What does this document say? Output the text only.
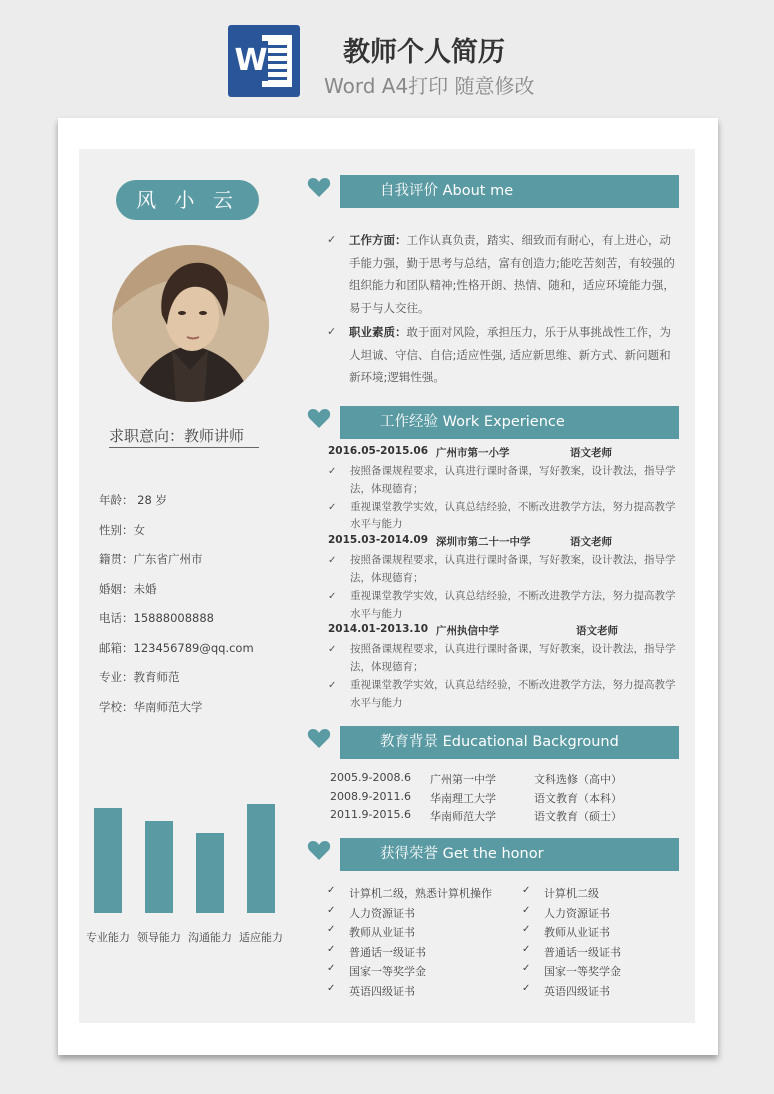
W	教师个人简历
Word A4打印 随意修改
风 小 云
求职意向：教师讲师
年龄： 28 岁
性别：女
籍贯：广东省广州市
婚姻：未婚
电话：15888008888
邮箱：123456789@qq.com
专业：教育师范
学校：华南师范大学
专业能力 领导能力 沟通能力 适应能力
自我评价 About me
✓ 工作方面：工作认真负责，踏实、细致而有耐心，有上进心，动手能力强，勤于思考与总结，富有创造力;能吃苦刻苦，有较强的组织能力和团队精神;性格开朗、热情、随和，适应环境能力强，易于与人交往。
✓ 职业素质：敢于面对风险，承担压力，乐于从事挑战性工作，为人坦诚、守信、自信;适应性强, 适应新思维、新方式、新问题和新环境;逻辑性强。
工作经验 Work Experience
2016.05-2015.06 广州市第一小学	语文老师
✓ 按照备课规程要求，认真进行课时备课，写好教案，设计教法，指导学法，体现德育；
✓ 重视课堂教学实效，认真总结经验，不断改进教学方法，努力提高教学水平与能力
2015.03-2014.09 深圳市第二十一中学	语文老师
✓ 按照备课规程要求，认真进行课时备课，写好教案，设计教法，指导学法，体现德育；
✓ 重视课堂教学实效，认真总结经验，不断改进教学方法，努力提高教学水平与能力
2014.01-2013.10 广州执信中学	语文老师
✓ 按照备课规程要求，认真进行课时备课，写好教案，设计教法，指导学法，体现德育；
✓ 重视课堂教学实效，认真总结经验，不断改进教学方法，努力提高教学水平与能力
教育背景 Educational Background
2005.9-2008.6 广州第一中学	文科选修（高中）
2008.9-2011.6 华南理工大学	语文教育（本科）
2011.9-2015.6 华南师范大学	语文教育（硕士）
获得荣誉 Get the honor
✓ 计算机二级，熟悉计算机操作	✓ 计算机二级
✓ 人力资源证书	✓ 人力资源证书
✓ 教师从业证书	✓ 教师从业证书
✓ 普通话一级证书	✓ 普通话一级证书
✓ 国家一等奖学金	✓ 国家一等奖学金
✓ 英语四级证书	✓ 英语四级证书
